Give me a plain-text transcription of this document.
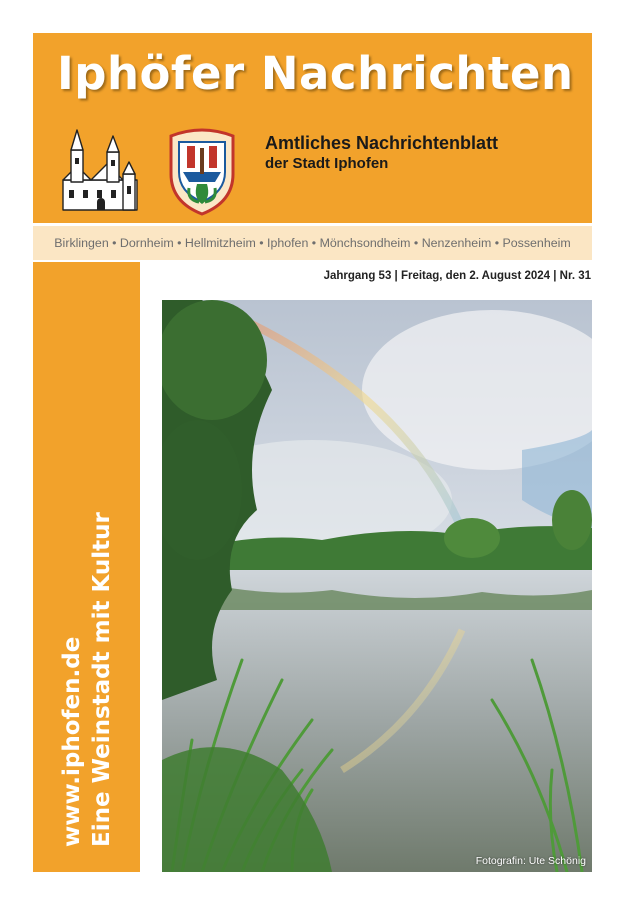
Iphöfer Nachrichten
Amtliches Nachrichtenblatt
der Stadt Iphofen
Birklingen • Dornheim • Hellmitzheim • Iphofen • Mönchsondheim • Nenzenheim • Possenheim
Jahrgang 53 | Freitag, den 2. August 2024 | Nr. 31
www.iphofen.de Eine Weinstadt mit Kultur
Fotografin: Ute Schönig
